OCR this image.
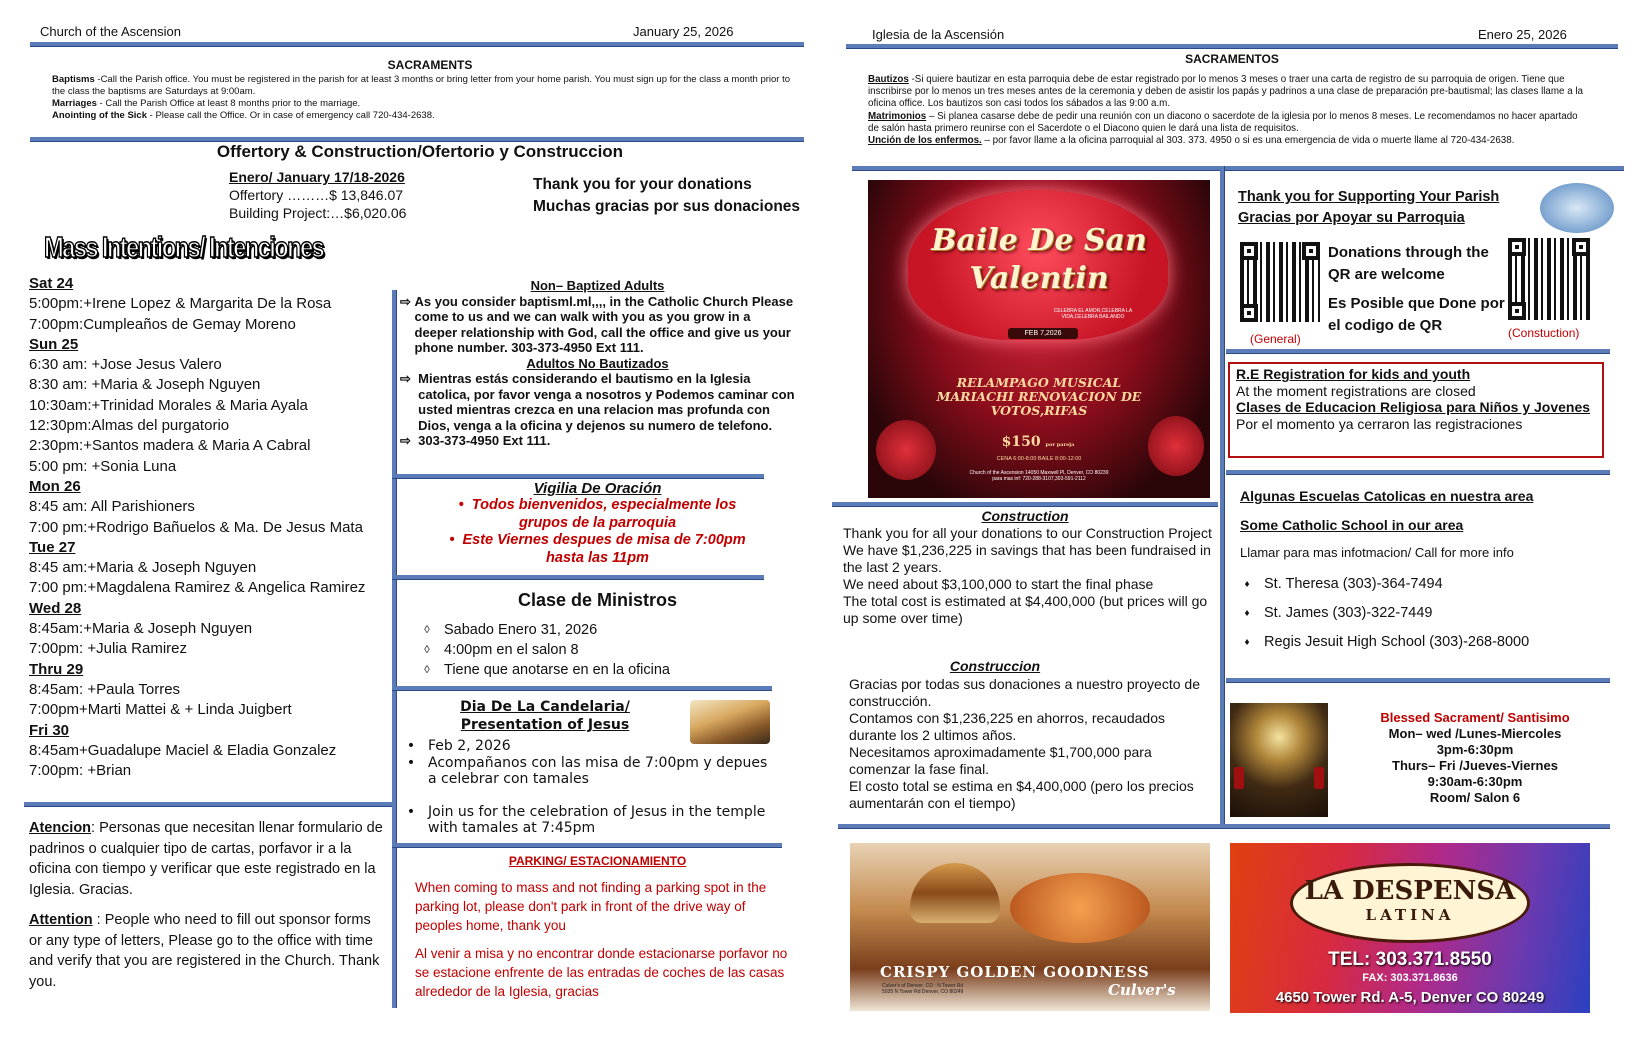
Church of the Ascension	January 25, 2026
SACRAMENTS
Baptisms -Call the Parish office. You must be registered in the parish for at least 3 months or bring letter from your home parish. You must sign up for the class a month prior to the class the baptisms are Saturdays at 9:00am.
Marriages - Call the Parish Office at least 8 months prior to the marriage.
Anointing of the Sick - Please call the Office. Or in case of emergency call 720-434-2638.
Offertory & Construction/Ofertorio y Construccion
Enero/ January 17/18-2026
Offertory ………$ 13,846.07
Building Project:…$6,020.06
Thank you for your donations
Muchas gracias por sus donaciones
Mass Intentions/ Intenciones
Sat 24
5:00pm:+Irene Lopez & Margarita De la Rosa
7:00pm:Cumpleaños de Gemay Moreno
Sun 25
6:30 am: +Jose Jesus Valero
8:30 am: +Maria & Joseph Nguyen
10:30am:+Trinidad Morales & Maria Ayala
12:30pm:Almas del purgatorio
2:30pm:+Santos madera & Maria A Cabral
5:00 pm: +Sonia Luna
Mon 26
8:45 am: All Parishioners
7:00 pm:+Rodrigo Bañuelos & Ma. De Jesus Mata
Tue 27
8:45 am:+Maria & Joseph Nguyen
7:00 pm:+Magdalena Ramirez & Angelica Ramirez
Wed 28
8:45am:+Maria & Joseph Nguyen
7:00pm: +Julia Ramirez
Thru 29
8:45am: +Paula Torres
7:00pm+Marti Mattei & + Linda Juigbert
Fri 30
8:45am+Guadalupe Maciel & Eladia Gonzalez
7:00pm: +Brian
Atencion: Personas que necesitan llenar formulario de padrinos o cualquier tipo de cartas, porfavor ir a la oficina con tiempo y verificar que este registrado en la Iglesia. Gracias.
Attention : People who need to fill out sponsor forms or any type of letters, Please go to the office with time and verify that you are registered in the Church. Thank you.
Non– Baptized Adults
⇨ As you consider baptisml.ml,,,, in the Catholic Church Please come to us and we can walk with you as you grow in a deeper relationship with God, call the office and give us your phone number. 303-373-4950 Ext 111.
Adultos No Bautizados
⇨ Mientras estás considerando el bautismo en la Iglesia catolica, por favor venga a nosotros y Podemos caminar con usted mientras crezca en una relacion mas profunda con Dios, venga a la oficina y dejenos su numero de telefono.
⇨ 303-373-4950 Ext 111.
Vigilia De Oración
•  Todos bienvenidos, especialmente los grupos de la parroquia
•  Este Viernes despues de misa de 7:00pm hasta las 11pm
Clase de Ministros
◊ Sabado Enero 31, 2026
◊ 4:00pm en el salon 8
◊ Tiene que anotarse en en la oficina
Dia De La Candelaria/
Presentation of Jesus
• Feb 2, 2026
• Acompañanos con las misa de 7:00pm y depues a celebrar con tamales
• Join us for the celebration of Jesus in the temple with tamales at 7:45pm
PARKING/ ESTACIONAMIENTO
When coming to mass and not finding a parking spot in the parking lot, please don't park in front of the drive way of peoples home, thank you
Al venir a misa y no encontrar donde estacionarse porfavor no se estacione enfrente de las entradas de coches de las casas alrededor de la Iglesia, gracias
Iglesia de la Ascensión	Enero 25, 2026
SACRAMENTOS
Bautizos -Si quiere bautizar en esta parroquia debe de estar registrado por lo menos 3 meses o traer una carta de registro de su parroquia de origen. Tiene que inscribirse por lo menos un tres meses antes de la ceremonia y deben de asistir los papás y padrinos a una clase de preparación pre-bautismal; las clases llame a la oficina office. Los bautizos son casi todos los sábados a las 9:00 a.m.
Matrimonios – Si planea casarse debe de pedir una reunión con un diacono o sacerdote de la iglesia por lo menos 8 meses. Le recomendamos no hacer apartado de salón hasta primero reunirse con el Sacerdote o el Diacono quien le dará una lista de requisitos.
Unción de los enfermos. – por favor llame a la oficina parroquial al 303. 373. 4950 o si es una emergencia de vida o muerte llame al 720-434-2638.
Baile De San
Valentin
FEB 7,2026
CELEBRA EL AMOR,CELEBRA LA VIDA,CELEBRA BAILANDO
RELAMPAGO MUSICAL MARIACHI RENOVACION DE VOTOS,RIFAS
$150 por pareja
CENA 6:00-8:00 BAILE 8:00-12:00
Church of the Ascension 14050 Maxwell Pl, Denver, CO 80239 para mas inf: 720-288-3107,303-591-2112
Thank you for Supporting Your Parish
Gracias por Apoyar su Parroquia
(General)
Donations through the QR are welcome
Es Posible que Done por el codigo de QR	(Constuction)
R.E Registration for kids and youth
At the moment registrations are closed
Clases de Educacion Religiosa para Niños y Jovenes
Por el momento ya cerraron las registraciones
Algunas Escuelas Catolicas en nuestra area
Some Catholic School in our area
Llamar para mas infotmacion/ Call for more info
♦ St. Theresa (303)-364-7494
♦ St. James (303)-322-7449
♦ Regis Jesuit High School (303)-268-8000
Blessed Sacrament/ Santisimo
Mon– wed /Lunes-Miercoles
3pm-6:30pm
Thurs– Fri /Jueves-Viernes
9:30am-6:30pm
Room/ Salon 6
Construction
Thank you for all your donations to our Construction Project
We have $1,236,225 in savings that has been fundraised in the last 2 years.
We need about $3,100,000 to start the final phase
The total cost is estimated at $4,400,000 (but prices will go up some over time)
Construccion
Gracias por todas sus donaciones a nuestro proyecto de construcción.
Contamos con $1,236,225 en ahorros, recaudados durante los 2 ultimos años.
Necesitamos aproximadamente $1,700,000 para comenzar la fase final.
El costo total se estima en $4,400,000 (pero los precios aumentarán con el tiempo)
CRISPY GOLDEN GOODNESS
Culver's
Culver's of Denver, CO : N Tower Rd 5035 N Tower Rd Denver, CO 80249
LA DESPENSA
LATINA
TEL: 303.371.8550
FAX: 303.371.8636
4650 Tower Rd. A-5, Denver CO 80249
